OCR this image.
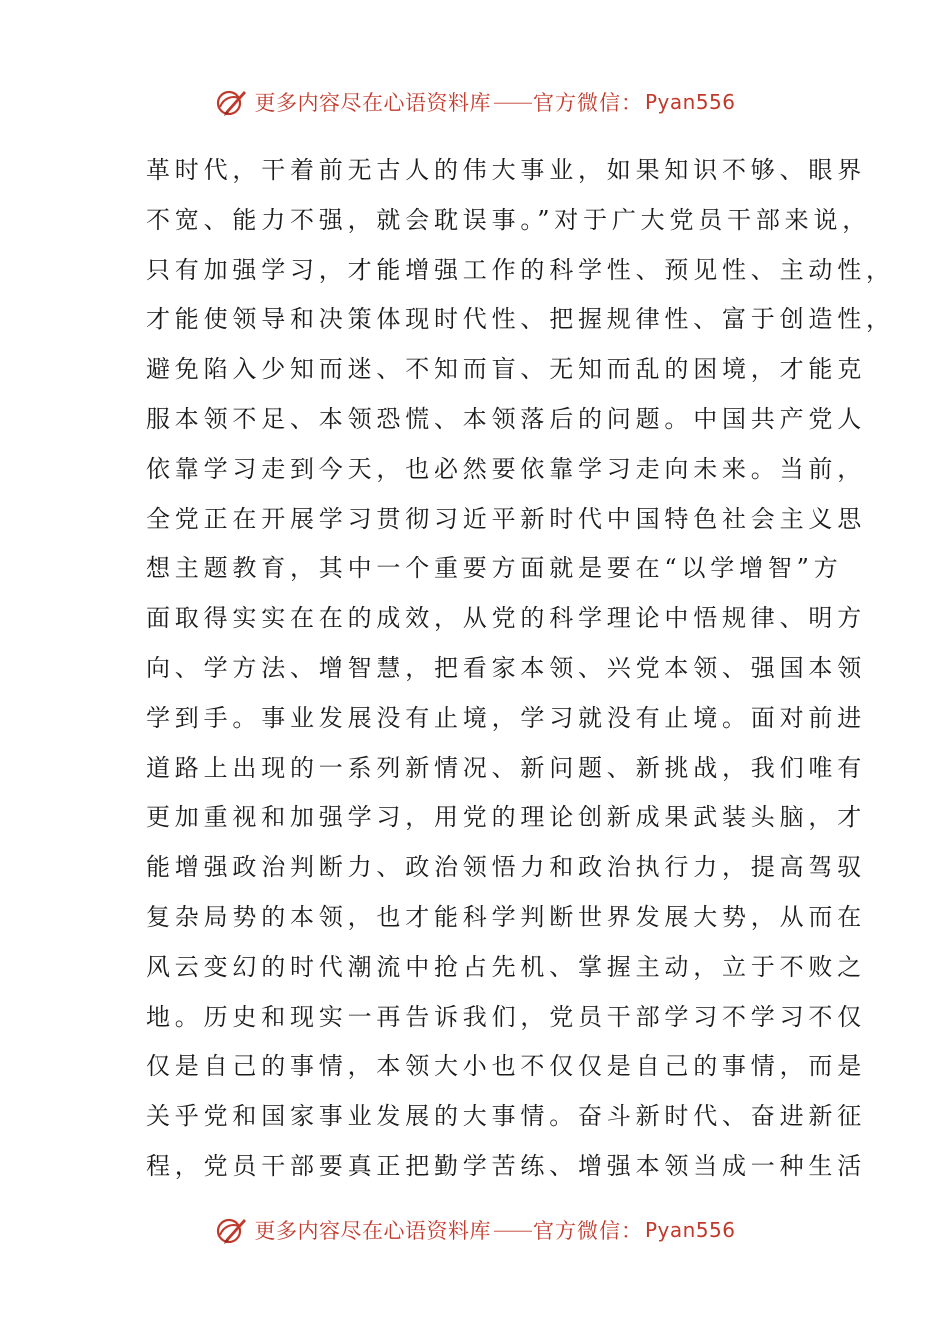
更多内容尽在心语资料库 —— 官方微信： Pyan556
革时代，干着前无古人的伟大事业，如果知识不够、眼界
不宽、能力不强，就会耽误事。”对于广大党员干部来说，
只有加强学习，才能增强工作的科学性、预见性、主动性，
才能使领导和决策体现时代性、把握规律性、富于创造性，
避免陷入少知而迷、不知而盲、无知而乱的困境，才能克
服本领不足、本领恐慌、本领落后的问题。中国共产党人
依靠学习走到今天，也必然要依靠学习走向未来。当前，
全党正在开展学习贯彻习近平新时代中国特色社会主义思
想主题教育，其中一个重要方面就是要在“以学增智”方
面取得实实在在的成效，从党的科学理论中悟规律、明方
向、学方法、增智慧，把看家本领、兴党本领、强国本领
学到手。事业发展没有止境，学习就没有止境。面对前进
道路上出现的一系列新情况、新问题、新挑战，我们唯有
更加重视和加强学习，用党的理论创新成果武装头脑，才
能增强政治判断力、政治领悟力和政治执行力，提高驾驭
复杂局势的本领，也才能科学判断世界发展大势，从而在
风云变幻的时代潮流中抢占先机、掌握主动，立于不败之
地。历史和现实一再告诉我们，党员干部学习不学习不仅
仅是自己的事情，本领大小也不仅仅是自己的事情，而是
关乎党和国家事业发展的大事情。奋斗新时代、奋进新征
程，党员干部要真正把勤学苦练、增强本领当成一种生活
更多内容尽在心语资料库 —— 官方微信： Pyan556
